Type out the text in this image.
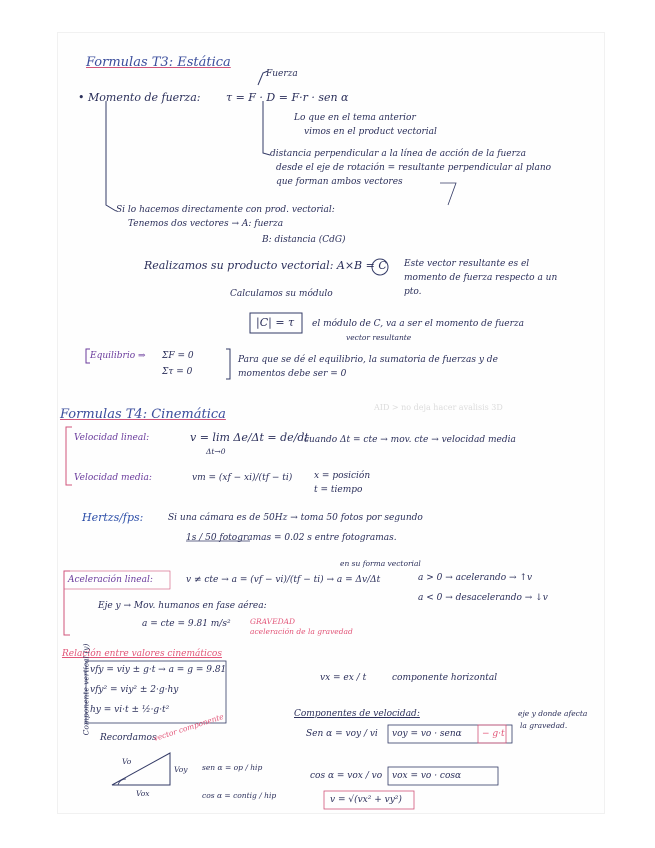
Formulas T3: Estática
Fuerza
• Momento de fuerza: τ = F · D = F·r · sen α
Lo que en el tema anterior
vimos en el product vectorial
distancia perpendicular a la línea de acción de la fuerza
desde el eje de rotación = resultante perpendicular al plano
que forman ambos vectores
Si lo hacemos directamente con prod. vectorial:
Tenemos dos vectores → A: fuerza
B: distancia (CdG)
Realizamos su producto vectorial: A×B = C Este vector resultante es el
momento de fuerza respecto a un
pto.
Calculamos su módulo
|C| = τ el módulo de C, va a ser el momento de fuerza
vector resultante
Equilibrio ⇒ ΣF = 0
Στ = 0
Para que se dé el equilibrio, la sumatoria de fuerzas y de
momentos debe ser = 0
AID > no deja hacer avalisis 3D
Formulas T4: Cinemática
Velocidad lineal:	v = lim Δe/Δt = de/dt
Δt→0
cuando Δt = cte → mov. cte → velocidad media
Velocidad media:	vm = (xf − xi)/(tf − ti) x = posición
t = tiempo
Hertzs/fps:	Si una cámara es de 50Hz → toma 50 fotos por segundo
1s / 50 fotogramas = 0.02 s entre fotogramas.
en su forma vectorial
Aceleración lineal:	v ≠ cte → a = (vf − vi)/(tf − ti) → a = Δv/Δt	a > 0 → acelerando → ↑v
a < 0 → desacelerando → ↓v
Eje y → Mov. humanos en fase aérea:
a = cte = 9.81 m/s²	GRAVEDAD
aceleración de la gravedad
Relación entre valores cinemáticos
Componente vertical (y) vfy = viy ± g·t → a = g = 9.81
vfy² = viy² ± 2·g·hy
hy = vi·t ± ½·g·t²
vx = ex / t	componente horizontal
Componentes de velocidad:
Sen α = voy / vi voy = vo · senα − g·t
eje y donde afecta
la gravedad.
cos α = vox / vo vox = vo · cosα
v = √(vx² + vy²)
Recordamos
vector componente
Vo
Voy
Vox
sen α = op / hip
cos α = contig / hip
